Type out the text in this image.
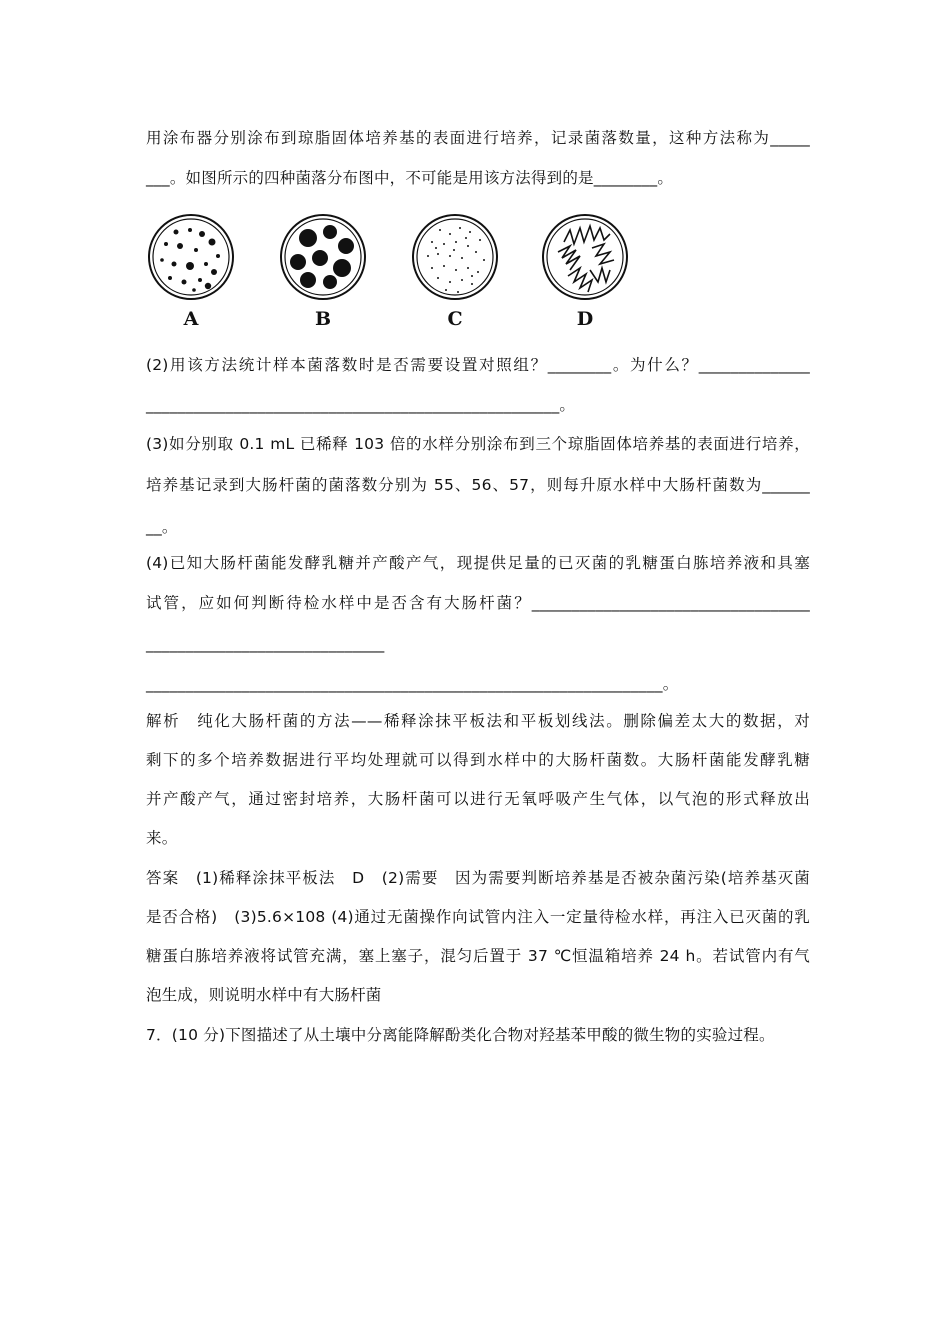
用涂布器分别涂布到琼脂固体培养基的表面进行培养，记录菌落数量，这种方法称为_____
___。如图所示的四种菌落分布图中，不可能是用该方法得到的是________。
A	B	C	D
(2)用该方法统计样本菌落数时是否需要设置对照组？________。为什么？______________
____________________________________________________。
(3)如分别取 0.1 mL 已稀释 103 倍的水样分别涂布到三个琼脂固体培养基的表面进行培养，
培养基记录到大肠杆菌的菌落数分别为 55、56、57，则每升原水样中大肠杆菌数为______
__。
(4)已知大肠杆菌能发酵乳糖并产酸产气，现提供足量的已灭菌的乳糖蛋白胨培养液和具塞
试管，应如何判断待检水样中是否含有大肠杆菌？___________________________________
______________________________
_________________________________________________________________。
解析　纯化大肠杆菌的方法——稀释涂抹平板法和平板划线法。删除偏差太大的数据，对
剩下的多个培养数据进行平均处理就可以得到水样中的大肠杆菌数。大肠杆菌能发酵乳糖
并产酸产气，通过密封培养，大肠杆菌可以进行无氧呼吸产生气体，以气泡的形式释放出
来。
答案　(1)稀释涂抹平板法　D　(2)需要　因为需要判断培养基是否被杂菌污染(培养基灭菌
是否合格)　(3)5.6×108 (4)通过无菌操作向试管内注入一定量待检水样，再注入已灭菌的乳
糖蛋白胨培养液将试管充满，塞上塞子，混匀后置于 37 ℃恒温箱培养 24 h。若试管内有气
泡生成，则说明水样中有大肠杆菌
7．(10 分)下图描述了从土壤中分离能降解酚类化合物对羟基苯甲酸的微生物的实验过程。
